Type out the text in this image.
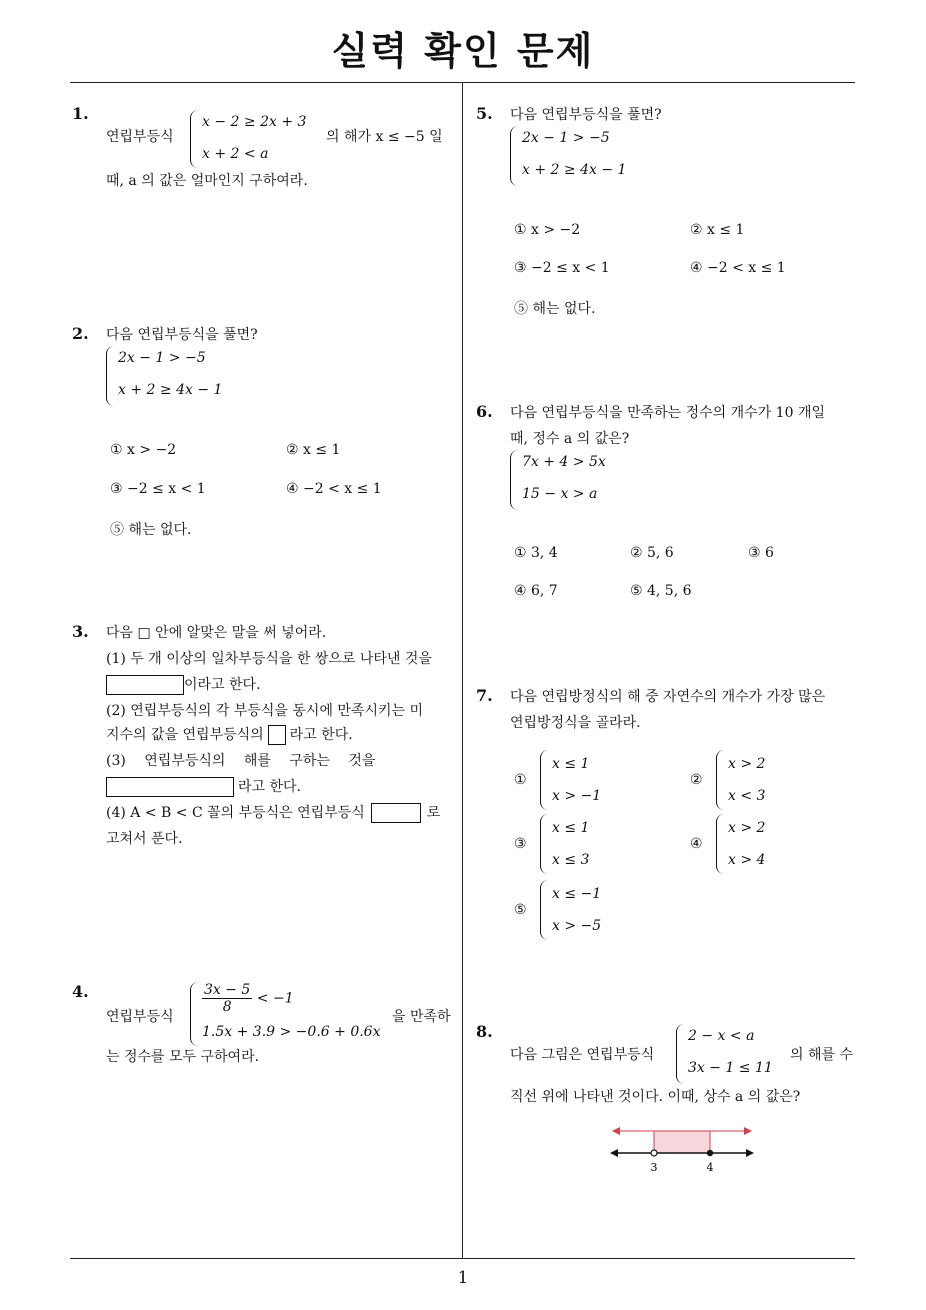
실력 확인 문제
1
1.
연립부등식
x − 2 ≥ 2x + 3
x + 2 < a
의 해가 x ≤ −5 일
때, a 의 값은 얼마인지 구하여라.
2. 다음 연립부등식을 풀면?
2x − 1 > −5
x + 2 ≥ 4x − 1
① x > −2	② x ≤ 1
③ −2 ≤ x < 1	④ −2 < x ≤ 1
⑤ 해는 없다.
3. 다음 □ 안에 알맞은 말을 써 넣어라.
(1) 두 개 이상의 일차부등식을 한 쌍으로 나타낸 것을
이라고 한다.
(2) 연립부등식의 각 부등식을 동시에 만족시키는 미
지수의 값을 연립부등식의 라고 한다.
(3) 연립부등식의 해를 구하는 것을
라고 한다.
(4) A < B < C 꼴의 부등식은 연립부등식	로
고쳐서 푼다.
4.
연립부등식
$\frac{3x - 5}{8} < -1$
1.5x + 3.9 > −0.6 + 0.6x
을 만족하
는 정수를 모두 구하여라.
5. 다음 연립부등식을 풀면?
2x − 1 > −5
x + 2 ≥ 4x − 1
① x > −2	② x ≤ 1
③ −2 ≤ x < 1	④ −2 < x ≤ 1
⑤ 해는 없다.
6. 다음 연립부등식을 만족하는 정수의 개수가 10 개일
때, 정수 a 의 값은?
7x + 4 > 5x
15 − x > a
① 3, 4	② 5, 6	③ 6
④ 6, 7	⑤ 4, 5, 6
7. 다음 연립방정식의 해 중 자연수의 개수가 가장 많은
연립방정식을 골라라.
①
x ≤ 1
x > −1
②
x > 2
x < 3
③
x ≤ 1
x ≤ 3
④
x > 2
x > 4
⑤
x ≤ −1
x > −5
8.
다음 그림은 연립부등식
2 − x < a
3x − 1 ≤ 11
의 해를 수
직선 위에 나타낸 것이다. 이때, 상수 a 의 값은?
3	4
